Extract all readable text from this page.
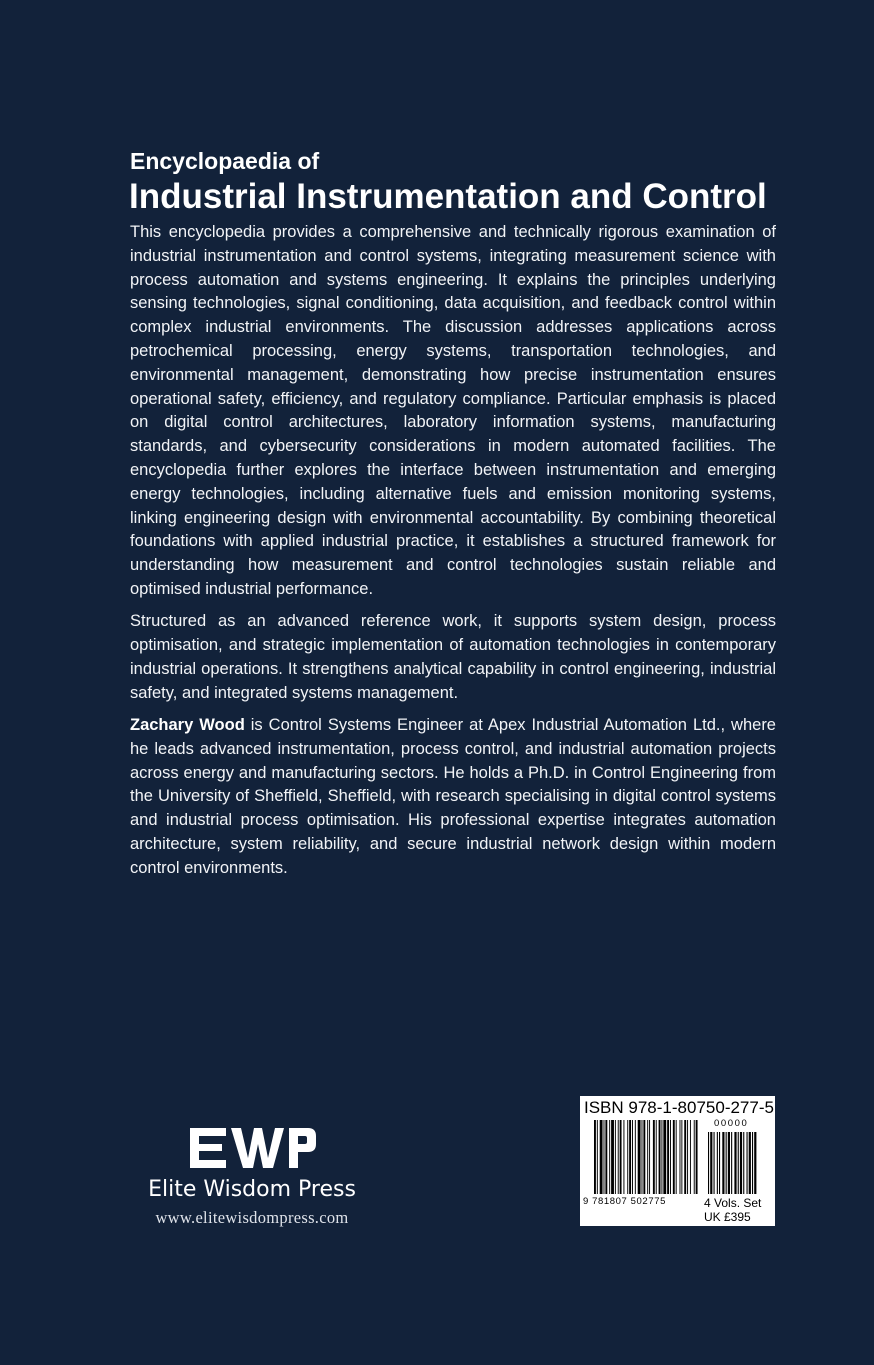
Encyclopaedia of
Industrial Instrumentation and Control

This encyclopedia provides a comprehensive and technically rigorous examination of industrial instrumentation and control systems, integrating measurement science with process automation and systems engineering. It explains the principles underlying sensing technologies, signal conditioning, data acquisition, and feedback control within complex industrial environments. The discussion addresses applications across petrochemical processing, energy systems, transportation technologies, and environmental management, demonstrating how precise instrumentation ensures operational safety, efficiency, and regulatory compliance. Particular emphasis is placed on digital control architectures, laboratory information systems, manufacturing standards, and cybersecurity considerations in modern automated facilities. The encyclopedia further explores the interface between instrumentation and emerging energy technologies, including alternative fuels and emission monitoring systems, linking engineering design with environmental accountability. By combining theoretical foundations with applied industrial practice, it establishes a structured framework for understanding how measurement and control technologies sustain reliable and optimised industrial performance.

Structured as an advanced reference work, it supports system design, process optimisation, and strategic implementation of automation technologies in contemporary industrial operations. It strengthens analytical capability in control engineering, industrial safety, and integrated systems management.

Zachary Wood is Control Systems Engineer at Apex Industrial Automation Ltd., where he leads advanced instrumentation, process control, and industrial automation projects across energy and manufacturing sectors. He holds a Ph.D. in Control Engineering from the University of Sheffield, Sheffield, with research specialising in digital control systems and industrial process optimisation. His professional expertise integrates automation architecture, system reliability, and secure industrial network design within modern control environments.

Elite Wisdom Press
www.elitewisdompress.com
ISBN 978-1-80750-277-5
9 781807 502775
00000
4 Vols. Set
UK £395
